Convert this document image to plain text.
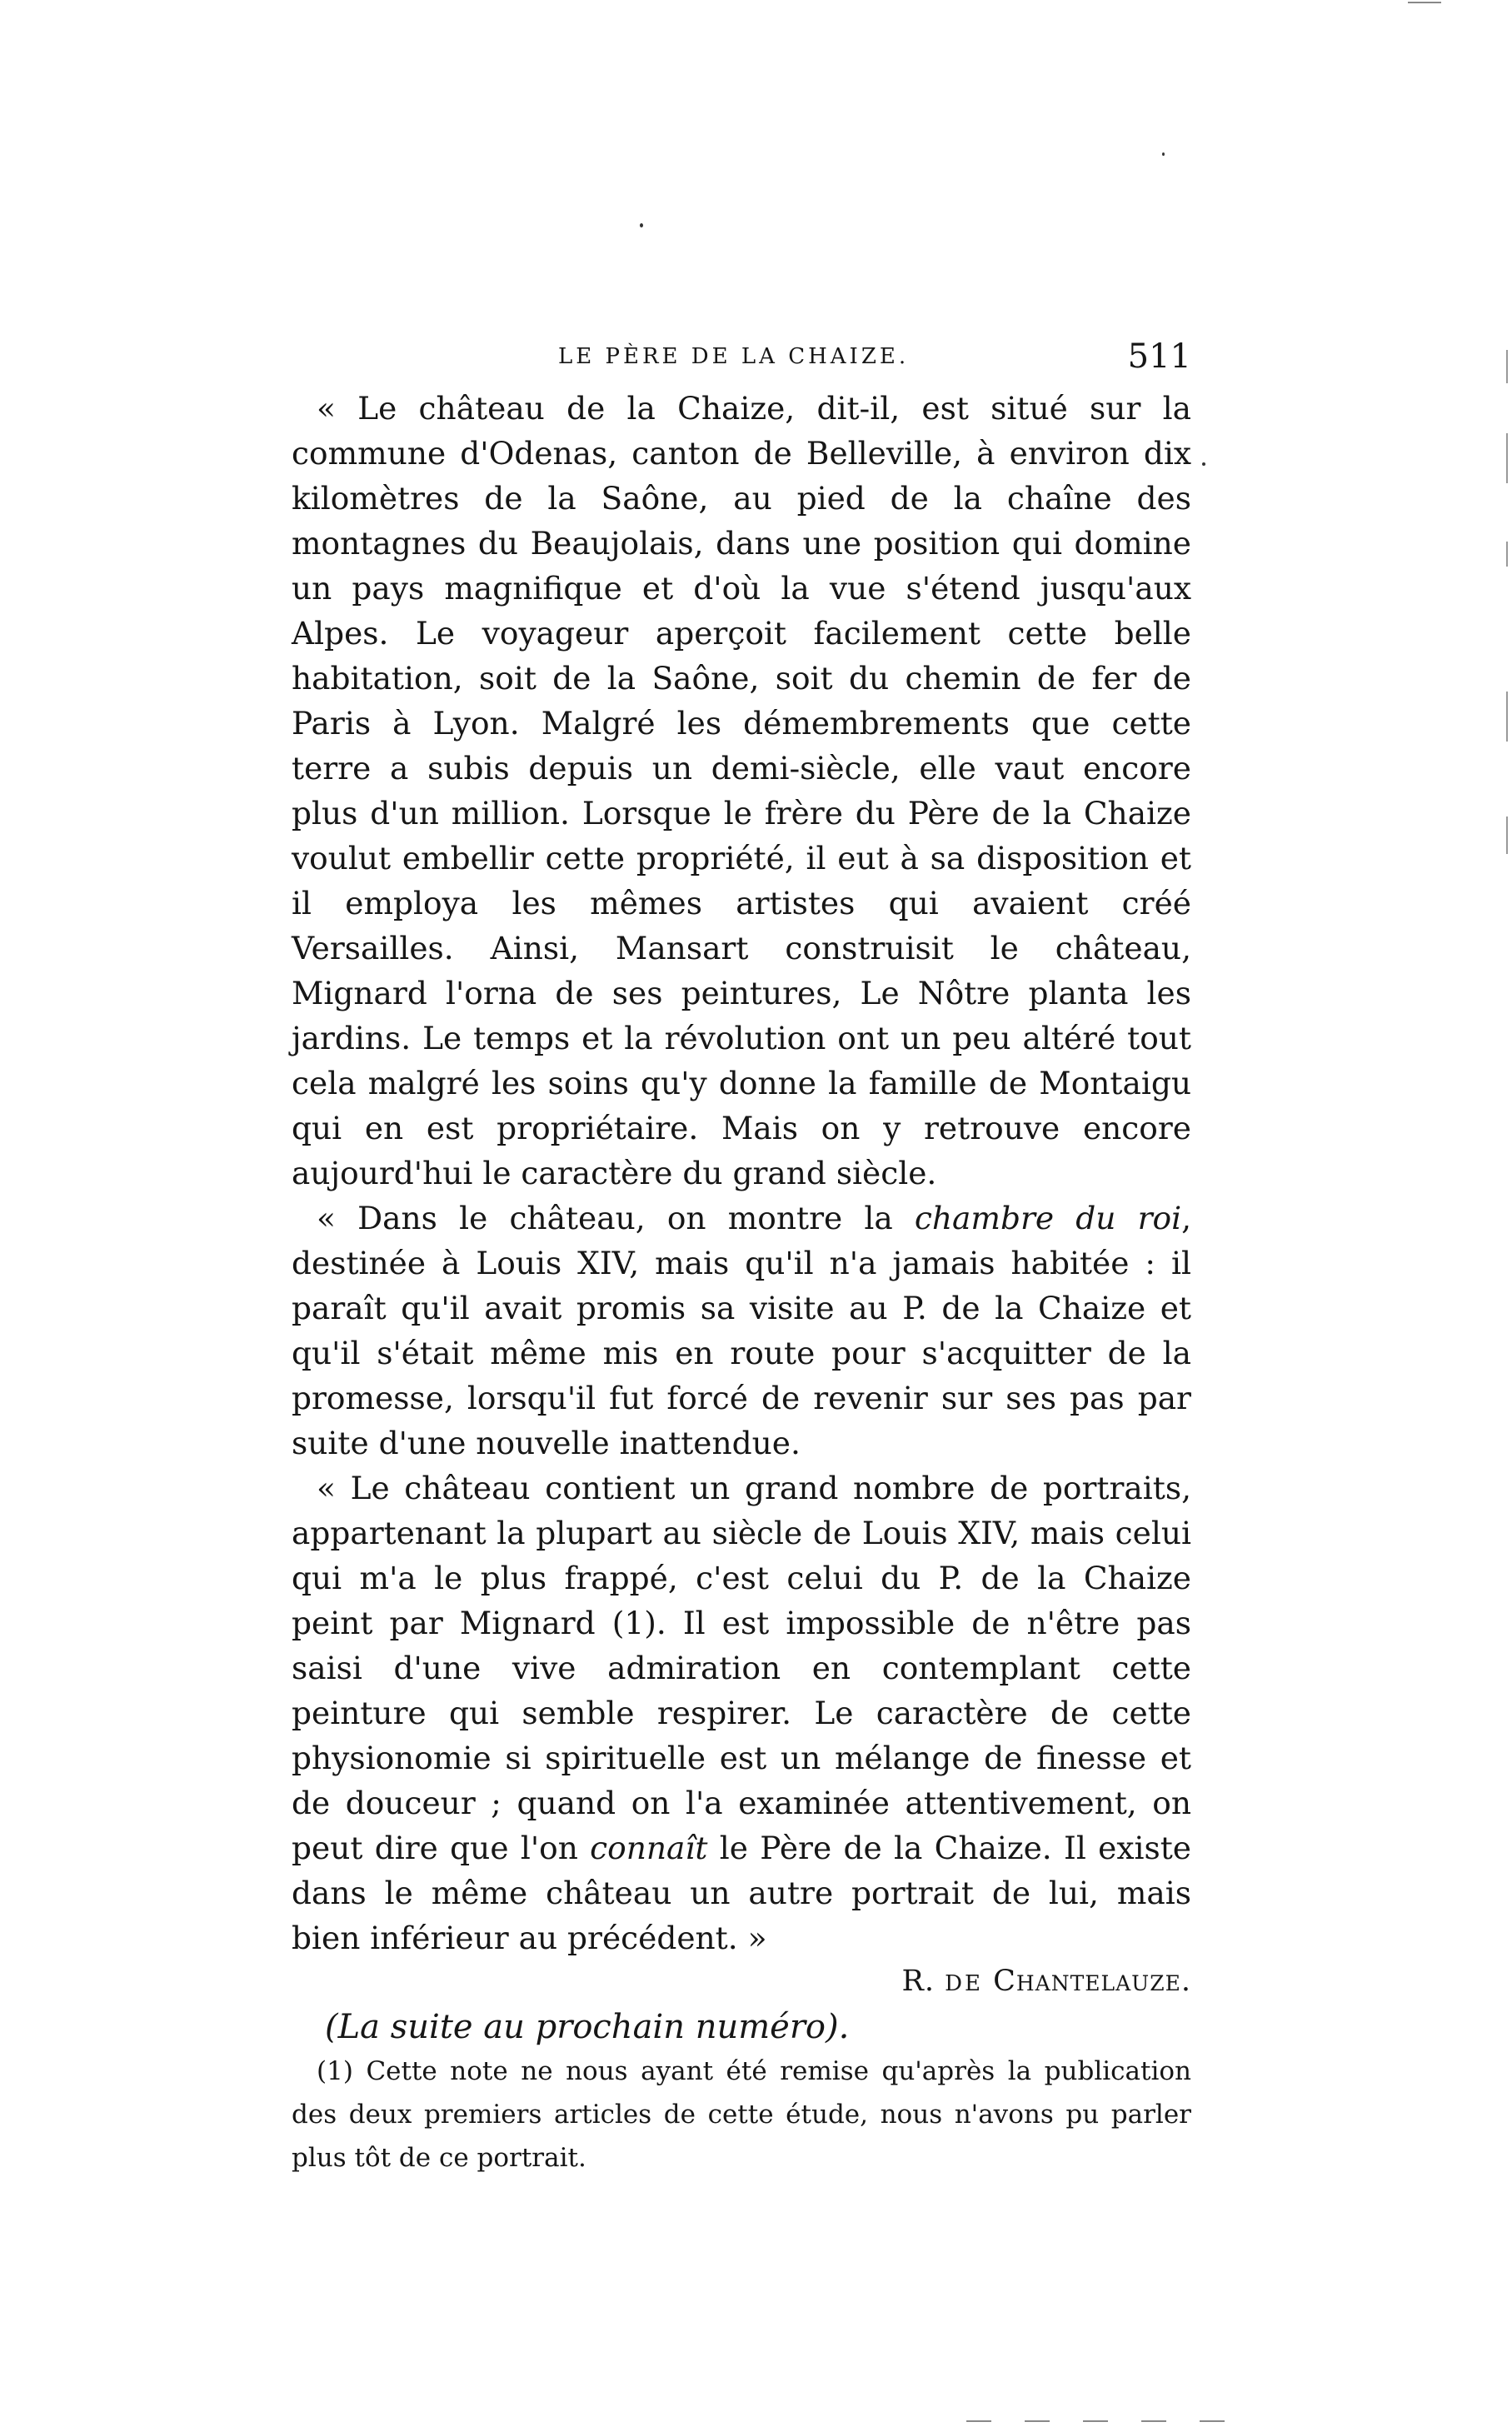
LE PÈRE DE LA CHAIZE.	511

« Le château de la Chaize, dit-il, est situé sur la commune d'Odenas, canton de Belleville, à environ dix kilomètres de la Saône, au pied de la chaîne des montagnes du Beaujolais, dans une position qui domine un pays magnifique et d'où la vue s'étend jusqu'aux Alpes. Le voyageur aperçoit facilement cette belle habitation, soit de la Saône, soit du chemin de fer de Paris à Lyon. Malgré les démembrements que cette terre a subis depuis un demi-siècle, elle vaut encore plus d'un million. Lorsque le frère du Père de la Chaize voulut embellir cette propriété, il eut à sa disposition et il employa les mêmes artistes qui avaient créé Versailles. Ainsi, Mansart construisit le château, Mignard l'orna de ses peintures, Le Nôtre planta les jardins. Le temps et la révolution ont un peu altéré tout cela malgré les soins qu'y donne la famille de Montaigu qui en est propriétaire. Mais on y retrouve encore aujourd'hui le caractère du grand siècle.

« Dans le château, on montre la chambre du roi, destinée à Louis XIV, mais qu'il n'a jamais habitée : il paraît qu'il avait promis sa visite au P. de la Chaize et qu'il s'était même mis en route pour s'acquitter de la promesse, lorsqu'il fut forcé de revenir sur ses pas par suite d'une nouvelle inattendue.

« Le château contient un grand nombre de portraits, appartenant la plupart au siècle de Louis XIV, mais celui qui m'a le plus frappé, c'est celui du P. de la Chaize peint par Mignard (1). Il est impossible de n'être pas saisi d'une vive admiration en contemplant cette peinture qui semble respirer. Le caractère de cette physionomie si spirituelle est un mélange de finesse et de douceur ; quand on l'a examinée attentivement, on peut dire que l'on connaît le Père de la Chaize. Il existe dans le même château un autre portrait de lui, mais bien inférieur au précédent. »

R. DE Chantelauze.
(La suite au prochain numéro).

(1) Cette note ne nous ayant été remise qu'après la publication des deux premiers articles de cette étude, nous n'avons pu parler plus tôt de ce portrait.
